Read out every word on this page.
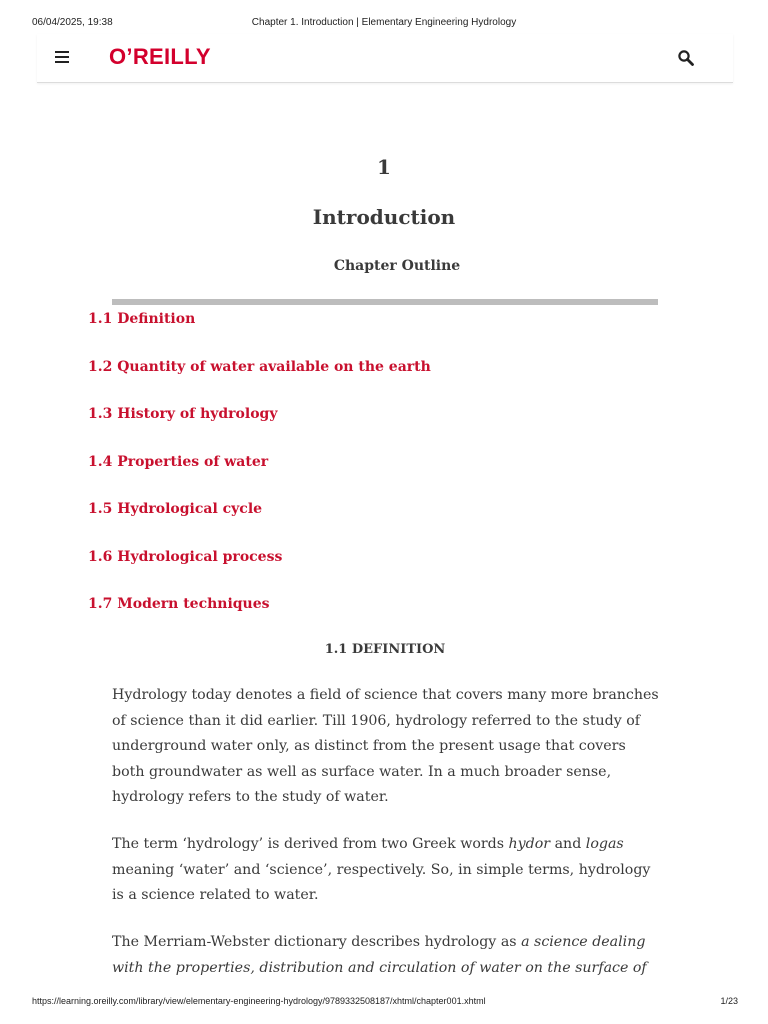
06/04/2025, 19:38	Chapter 1. Introduction | Elementary Engineering Hydrology
O’REILLY
1
Introduction
Chapter Outline
1.1 Definition
1.2 Quantity of water available on the earth
1.3 History of hydrology
1.4 Properties of water
1.5 Hydrological cycle
1.6 Hydrological process
1.7 Modern techniques
1.1 DEFINITION

Hydrology today denotes a field of science that covers many more branches of science than it did earlier. Till 1906, hydrology referred to the study of underground water only, as distinct from the present usage that covers both groundwater as well as surface water. In a much broader sense, hydrology refers to the study of water.

The term ‘hydrology’ is derived from two Greek words hydor and logas meaning ‘water’ and ‘science’, respectively. So, in simple terms, hydrology is a science related to water.

The Merriam-Webster dictionary describes hydrology as a science dealing with the properties, distribution and circulation of water on the surface of

https://learning.oreilly.com/library/view/elementary-engineering-hydrology/9789332508187/xhtml/chapter001.xhtml	1/23
